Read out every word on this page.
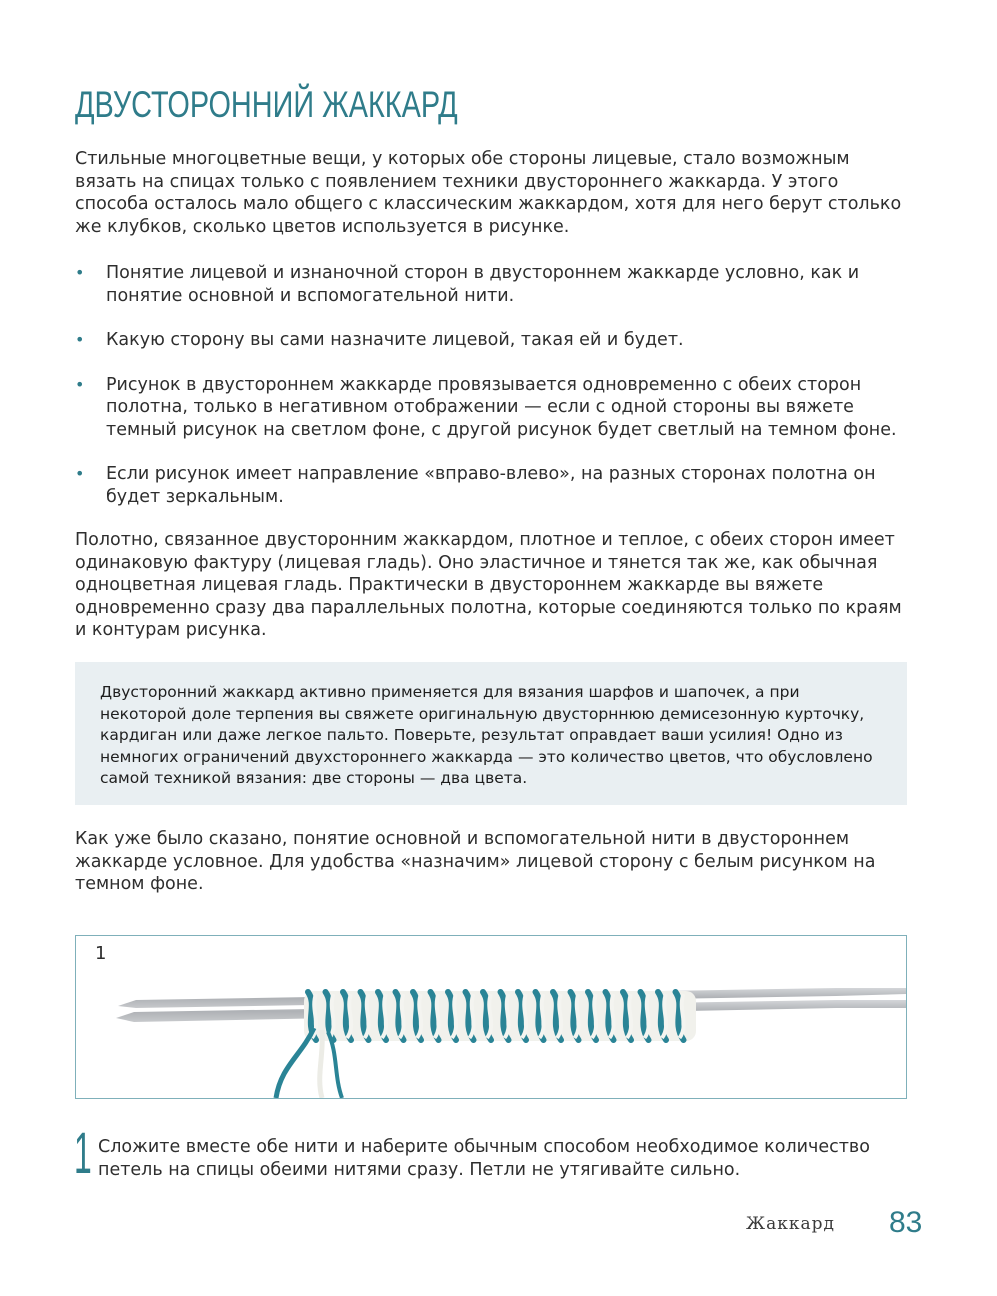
ДВУСТОРОННИЙ ЖАККАРД
Стильные многоцветные вещи, у которых обе стороны лицевые, стало возможным вязать на спицах только с появлением техники двустороннего жаккарда. У этого способа осталось мало общего с классическим жаккардом, хотя для него берут столько же клубков, сколько цветов используется в рисунке.
• Понятие лицевой и изнаночной сторон в двустороннем жаккарде условно, как и понятие основной и вспомогательной нити.
• Какую сторону вы сами назначите лицевой, такая ей и будет.
• Рисунок в двустороннем жаккарде провязывается одновременно с обеих сторон полотна, только в негативном отображении — если с одной стороны вы вяжете темный рисунок на светлом фоне, с другой рисунок будет светлый на темном фоне.
• Если рисунок имеет направление «вправо-влево», на разных сторонах полотна он будет зеркальным.
Полотно, связанное двусторонним жаккардом, плотное и теплое, с обеих сторон имеет одинаковую фактуру (лицевая гладь). Оно эластичное и тянется так же, как обычная одноцветная лицевая гладь. Практически в двустороннем жаккарде вы вяжете одновременно сразу два параллельных полотна, которые соединяются только по краям и контурам рисунка.
Двусторонний жаккард активно применяется для вязания шарфов и шапочек, а при некоторой доле терпения вы свяжете оригинальную двусторннюю демисезонную курточку, кардиган или даже легкое пальто. Поверьте, результат оправдает ваши усилия! Одно из немногих ограничений двухстороннего жаккарда — это количество цветов, что обусловлено самой техникой вязания: две стороны — два цвета.
Как уже было сказано, понятие основной и вспомогательной нити в двустороннем жаккарде условное. Для удобства «назначим» лицевой сторону с белым рисунком на темном фоне.
1
1 Сложите вместе обе нити и наберите обычным способом необходимое количество петель на спицы обеими нитями сразу. Петли не утягивайте сильно.
Жаккард 83
